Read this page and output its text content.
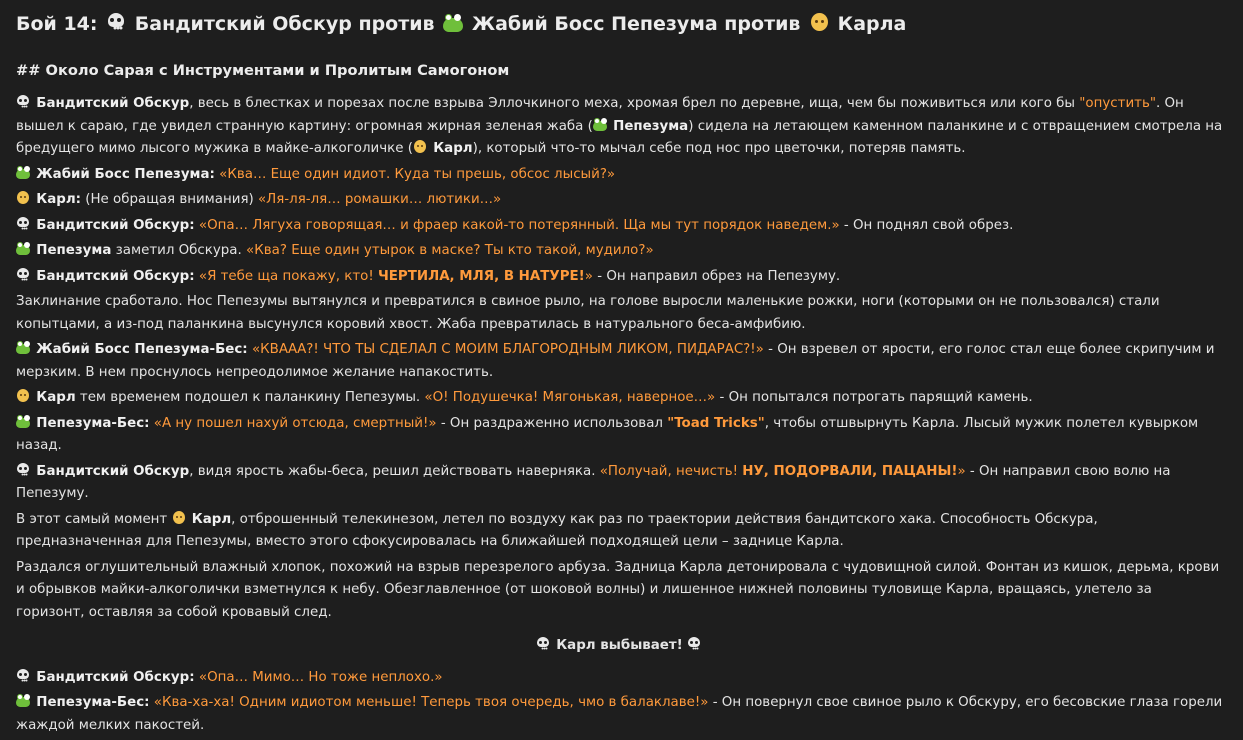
Бой 14: Бандитский Обскур против Жабий Босс Пепезума против Карла
## Около Сарая с Инструментами и Пролитым Самогоном

Бандитский Обскур, весь в блестках и порезах после взрыва Эллочкиного меха, хромая брел по деревне, ища, чем бы поживиться или кого бы "опустить". Он вышел к сараю, где увидел странную картину: огромная жирная зеленая жаба ( Пепезума) сидела на летающем каменном паланкине и с отвращением смотрела на бредущего мимо лысого мужика в майке-алкоголичке ( Карл), который что-то мычал себе под нос про цветочки, потеряв память.

Жабий Босс Пепезума: «Ква… Еще один идиот. Куда ты прешь, обсос лысый?»

Карл: (Не обращая внимания) «Ля-ля-ля… ромашки… лютики…»

Бандитский Обскур: «Опа… Лягуха говорящая… и фраер какой-то потерянный. Ща мы тут порядок наведем.» - Он поднял свой обрез.

Пепезума заметил Обскура. «Ква? Еще один утырок в маске? Ты кто такой, мудило?»

Бандитский Обскур: «Я тебе ща покажу, кто! ЧЕРТИЛА, МЛЯ, В НАТУРЕ!» - Он направил обрез на Пепезуму.

Заклинание сработало. Нос Пепезумы вытянулся и превратился в свиное рыло, на голове выросли маленькие рожки, ноги (которыми он не пользовался) стали копытцами, а из-под паланкина высунулся коровий хвост. Жаба превратилась в натурального беса-амфибию.

Жабий Босс Пепезума-Бес: «КВААА?! ЧТО ТЫ СДЕЛАЛ С МОИМ БЛАГОРОДНЫМ ЛИКОМ, ПИДАРАС?!» - Он взревел от ярости, его голос стал еще более скрипучим и мерзким. В нем проснулось непреодолимое желание напакостить.

Карл тем временем подошел к паланкину Пепезумы. «О! Подушечка! Мягонькая, наверное…» - Он попытался потрогать парящий камень.

Пепезума-Бес: «А ну пошел нахуй отсюда, смертный!» - Он раздраженно использовал "Toad Tricks", чтобы отшвырнуть Карла. Лысый мужик полетел кувырком назад.

Бандитский Обскур, видя ярость жабы-беса, решил действовать наверняка. «Получай, нечисть! НУ, ПОДОРВАЛИ, ПАЦАНЫ!» - Он направил свою волю на Пепезуму.

В этот самый момент  Карл, отброшенный телекинезом, летел по воздуху как раз по траектории действия бандитского хака. Способность Обскура, предназначенная для Пепезумы, вместо этого сфокусировалась на ближайшей подходящей цели – заднице Карла.

Раздался оглушительный влажный хлопок, похожий на взрыв перезрелого арбуза. Задница Карла детонировала с чудовищной силой. Фонтан из кишок, дерьма, крови и обрывков майки-алкоголички взметнулся к небу. Обезглавленное (от шоковой волны) и лишенное нижней половины туловище Карла, вращаясь, улетело за горизонт, оставляя за собой кровавый след.

Карл выбывает!

Бандитский Обскур: «Опа… Мимо… Но тоже неплохо.»

Пепезума-Бес: «Ква-ха-ха! Одним идиотом меньше! Теперь твоя очередь, чмо в балаклаве!» - Он повернул свое свиное рыло к Обскуру, его бесовские глаза горели жаждой мелких пакостей.
